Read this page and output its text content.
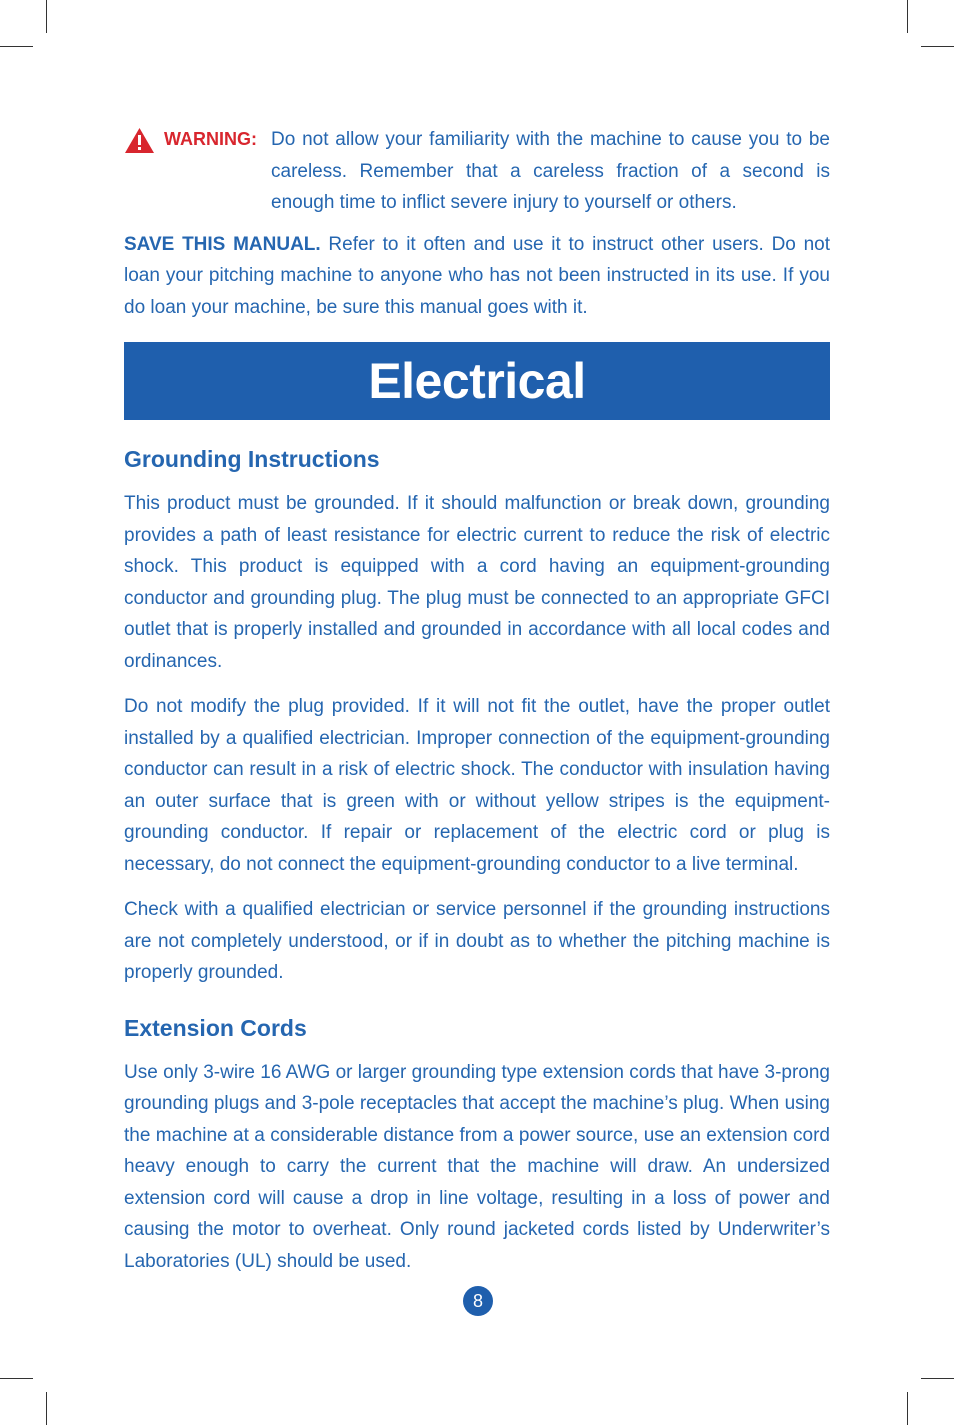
WARNING: Do not allow your familiarity with the machine to cause you to be careless. Remember that a careless fraction of a second is enough time to inflict severe injury to yourself or others.

SAVE THIS MANUAL. Refer to it often and use it to instruct other users. Do not loan your pitching machine to anyone who has not been instructed in its use. If you do loan your machine, be sure this manual goes with it.

Electrical
Grounding Instructions

This product must be grounded. If it should malfunction or break down, grounding provides a path of least resistance for electric current to reduce the risk of electric shock. This product is equipped with a cord having an equipment-grounding conductor and grounding plug. The plug must be connected to an appropriate GFCI outlet that is properly installed and grounded in accordance with all local codes and ordinances.

Do not modify the plug provided. If it will not fit the outlet, have the proper outlet installed by a qualified electrician. Improper connection of the equipment-grounding conductor can result in a risk of electric shock. The conductor with insulation having an outer surface that is green with or without yellow stripes is the equipment-grounding conductor. If repair or replacement of the electric cord or plug is necessary, do not connect the equipment-grounding conductor to a live terminal.

Check with a qualified electrician or service personnel if the grounding instructions are not completely understood, or if in doubt as to whether the pitching machine is properly grounded.

Extension Cords

Use only 3-wire 16 AWG or larger grounding type extension cords that have 3-prong grounding plugs and 3-pole receptacles that accept the machine’s plug. When using the machine at a considerable distance from a power source, use an extension cord heavy enough to carry the current that the machine will draw. An undersized extension cord will cause a drop in line voltage, resulting in a loss of power and causing the motor to overheat. Only round jacketed cords listed by Underwriter’s Laboratories (UL) should be used.

8
